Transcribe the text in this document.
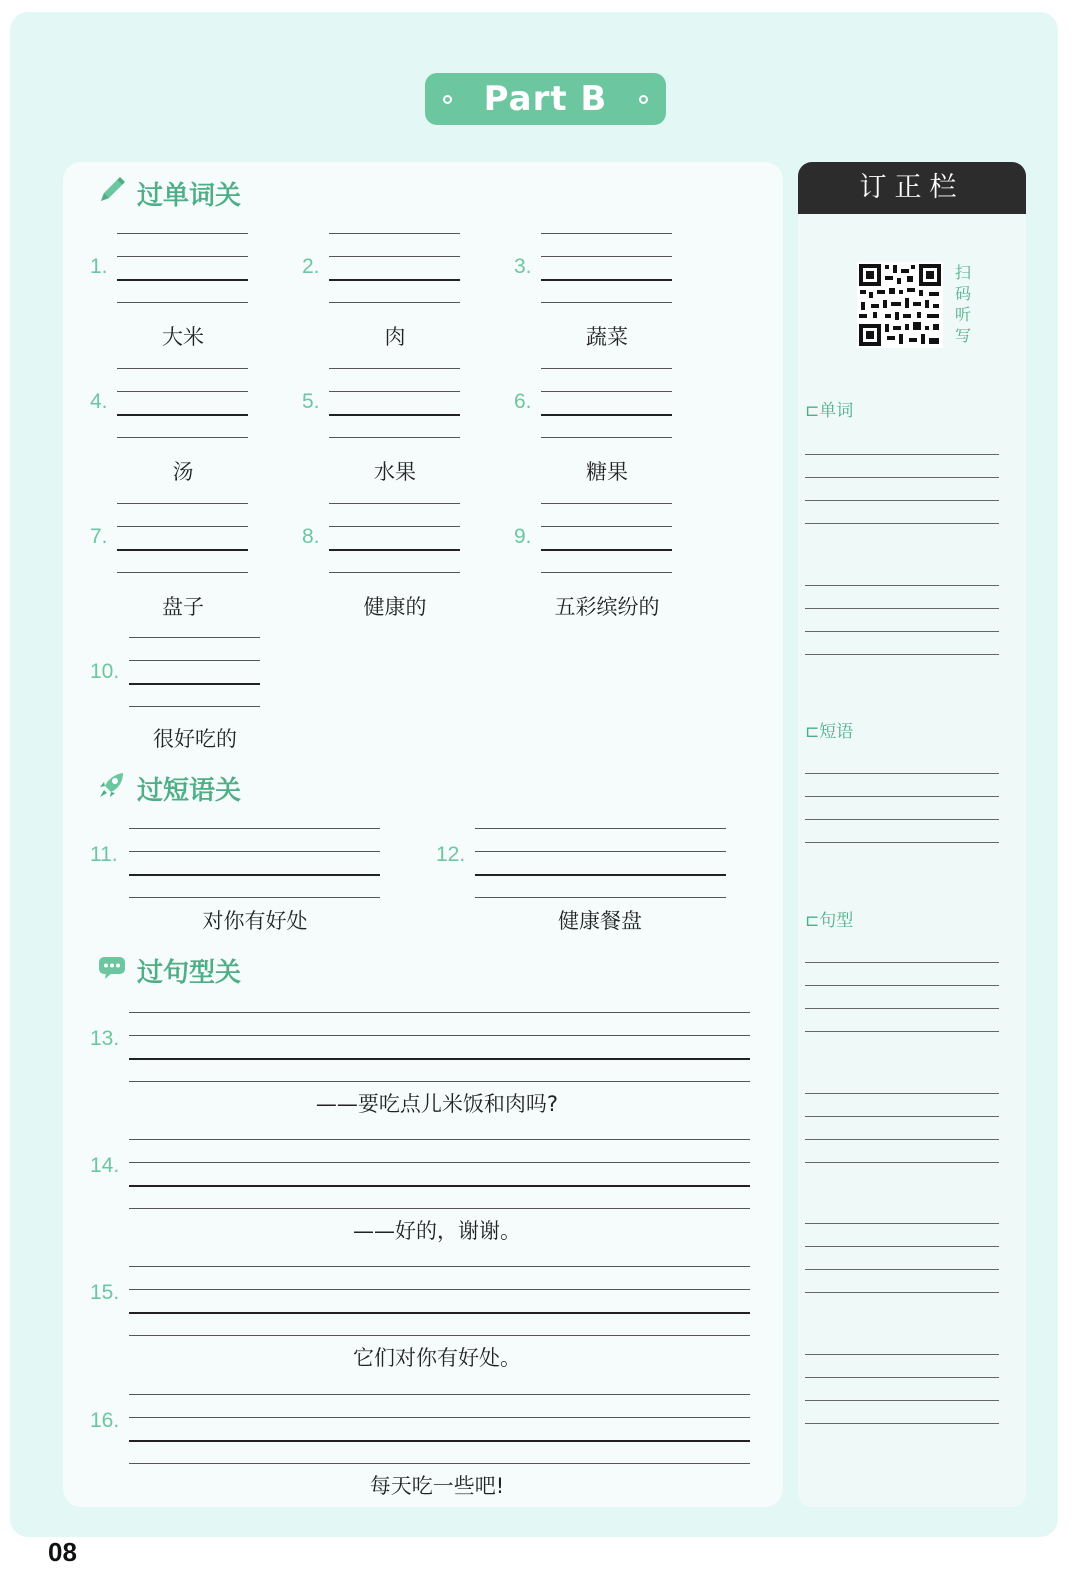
Part B
订正栏
过单词关
过短语关
过句型关
1.
大米
2.
肉
3.
蔬菜
4.
汤
5.
水果
6.
糖果
7.
盘子
8.
健康的
9.
五彩缤纷的
10.
很好吃的
11.
对你有好处
12.
健康餐盘
13.
——要吃点儿米饭和肉吗?
14.
——好的，谢谢。
15.
它们对你有好处。
16.
每天吃一些吧!
扫码听写
⊏单词
⊏短语
⊏句型
08
